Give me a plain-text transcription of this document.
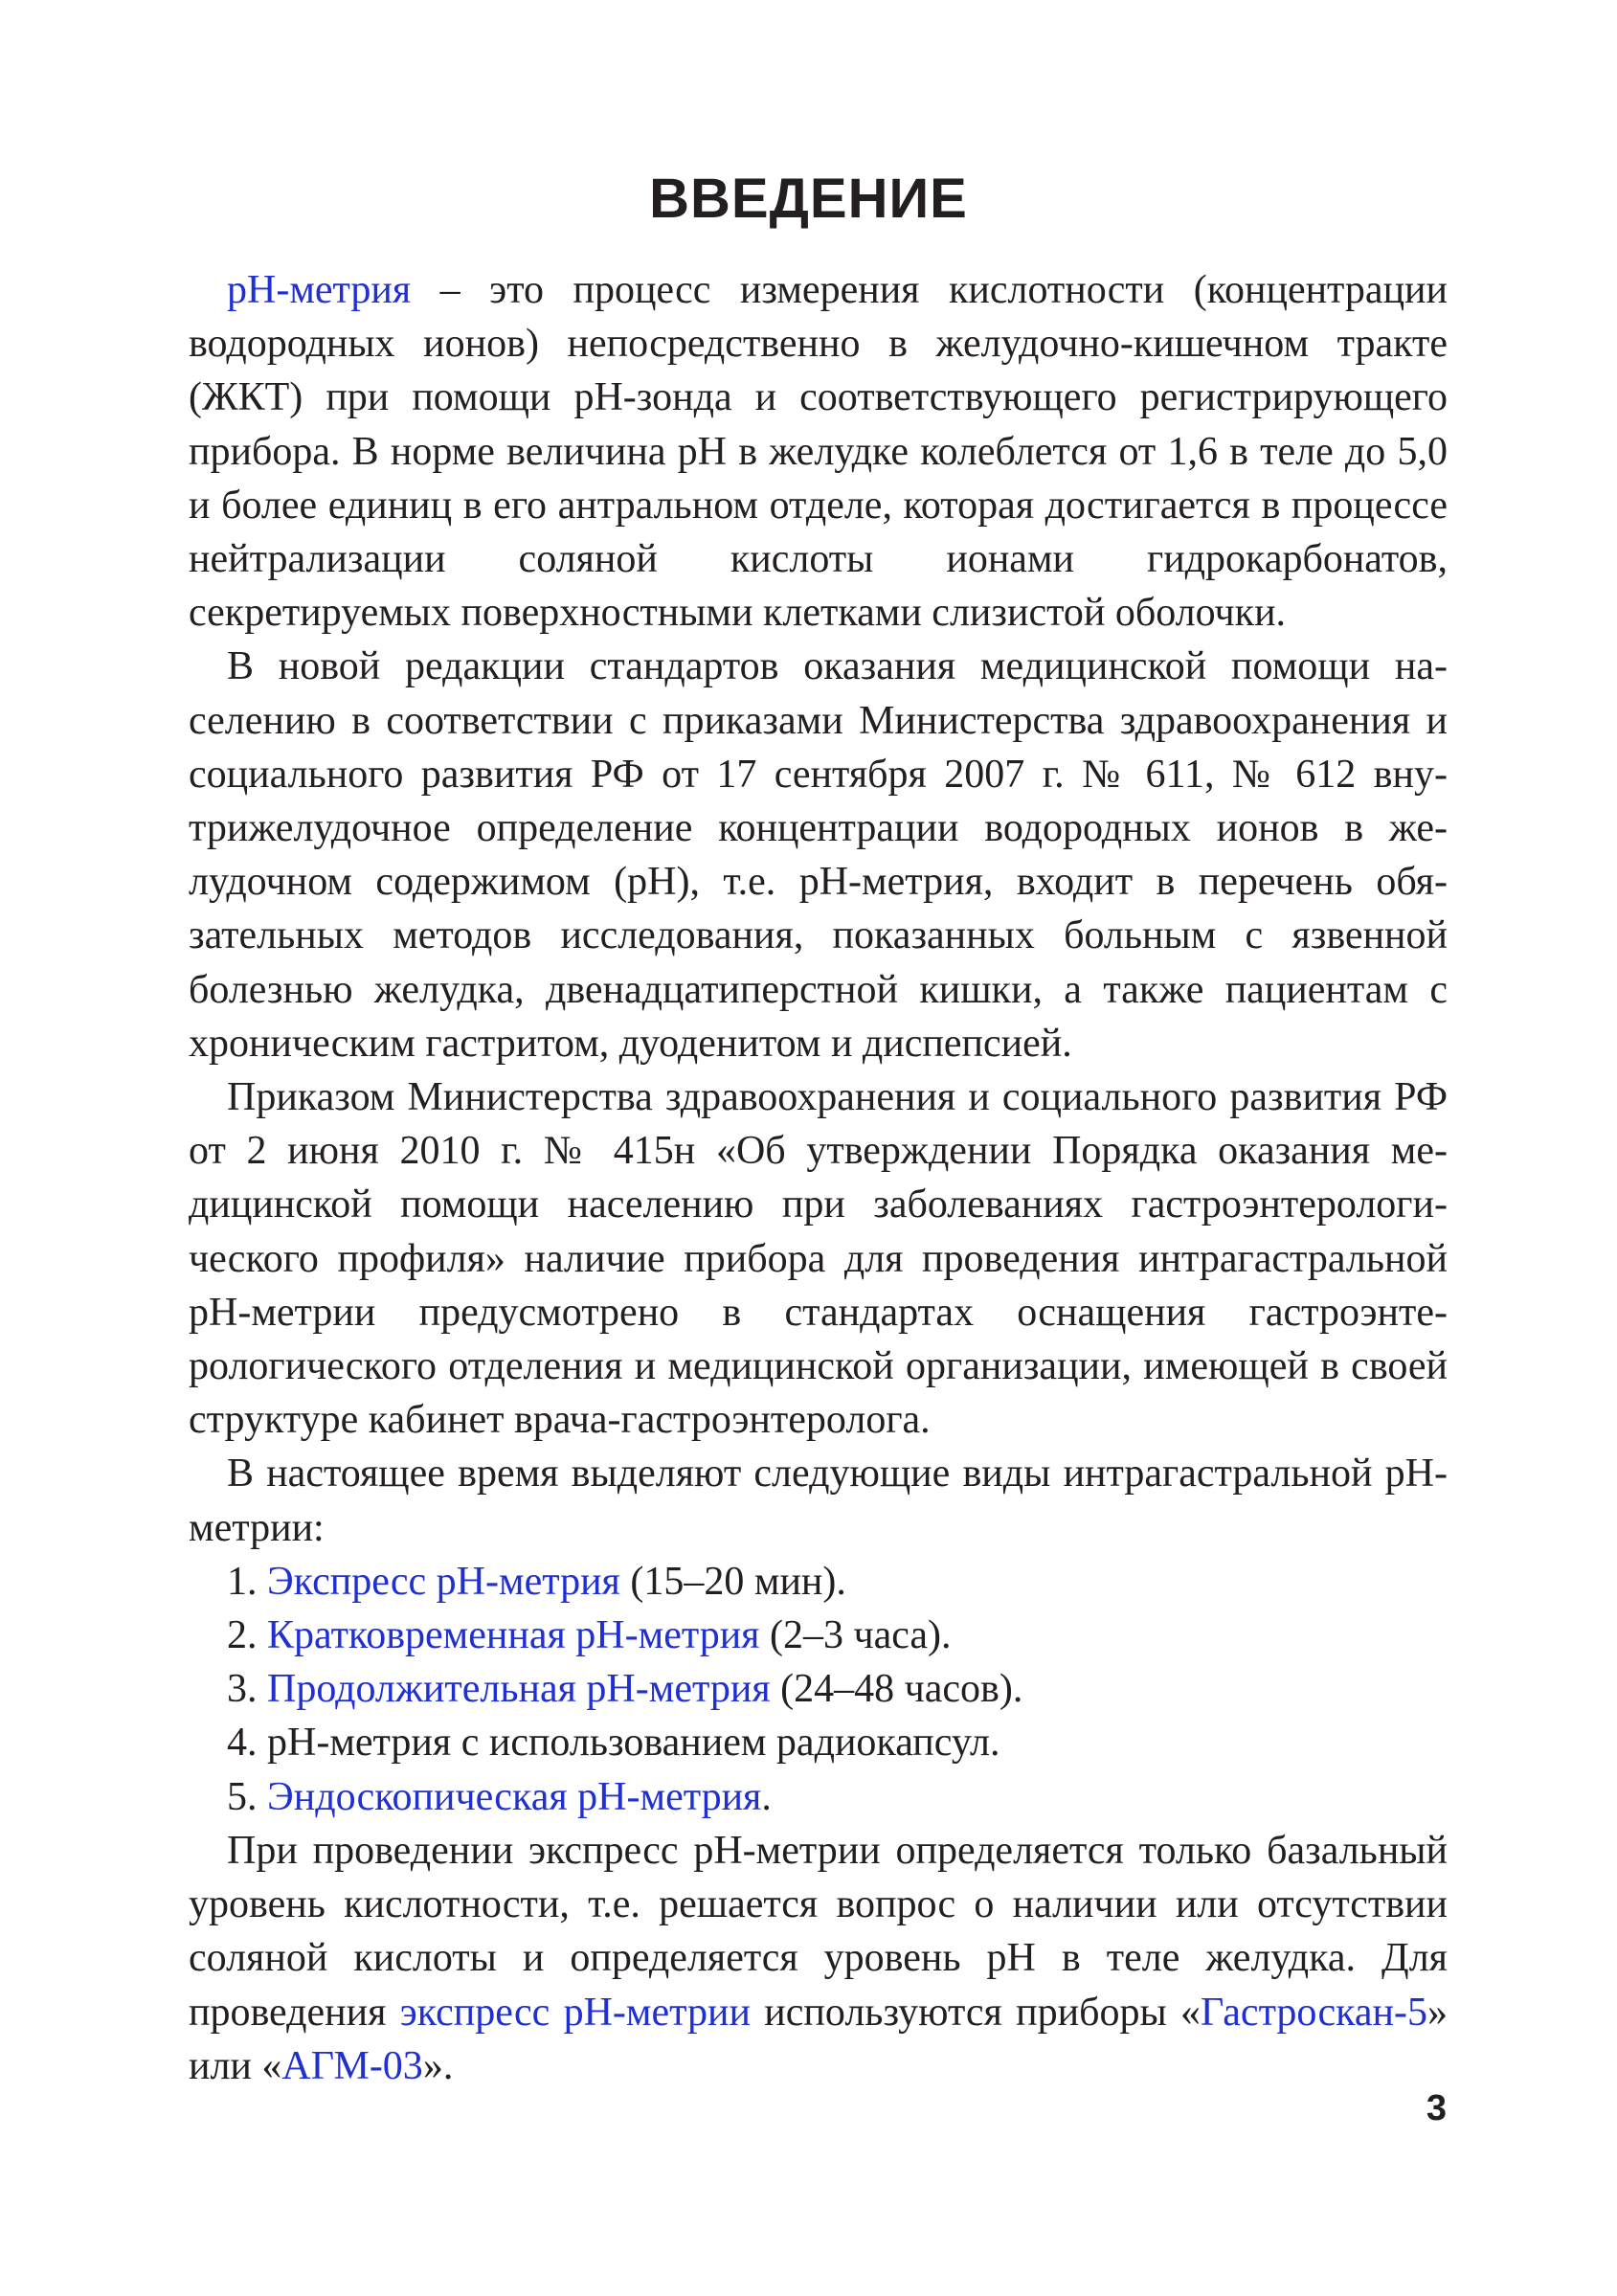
ВВЕДЕНИЕ

рН-метрия – это процесс измерения кислотности (концентрации водородных ионов) непосредственно в желудочно-кишечном тракте (ЖКТ) при помощи рН-зонда и соответствующего регистрирующего прибора. В норме величина рН в желудке колеблется от 1,6 в теле до 5,0 и более единиц в его антральном отделе, которая достигается в процессе нейтрализации соляной кислоты ионами гидрокарбонатов, секретируемых поверхностными клетками слизистой оболочки.

В новой редакции стандартов оказания медицинской помощи населению в соответствии с приказами Министерства здравоохранения и социального развития РФ от 17 сентября 2007 г. № 611, № 612 внутрижелудочное определение концентрации водородных ионов в желудочном содержимом (рН), т.е. рН-метрия, входит в перечень обязательных методов исследования, показанных больным с язвенной болезнью желудка, двенадцатиперстной кишки, а также пациентам с хроническим гастритом, дуоденитом и диспепсией.

Приказом Министерства здравоохранения и социального развития РФ от 2 июня 2010 г. № 415н «Об утверждении Порядка оказания медицинской помощи населению при заболеваниях гастроэнтерологического профиля» наличие прибора для проведения интрагастральной рН-метрии предусмотрено в стандартах оснащения гастроэнтерологического отделения и медицинской организации, имеющей в своей структуре кабинет врача-гастроэнтеролога.

В настоящее время выделяют следующие виды интрагастральной рН-метрии:

1. Экспресс рН-метрия (15–20 мин).
2. Кратковременная рН-метрия (2–3 часа).
3. Продолжительная рН-метрия (24–48 часов).
4. рН-метрия с использованием радиокапсул.
5. Эндоскопическая рН-метрия.

При проведении экспресс рН-метрии определяется только базальный уровень кислотности, т.е. решается вопрос о наличии или отсутствии соляной кислоты и определяется уровень рН в теле желудка. Для проведения экспресс рН-метрии используются приборы «Гастроскан-5» или «АГМ-03».

3
